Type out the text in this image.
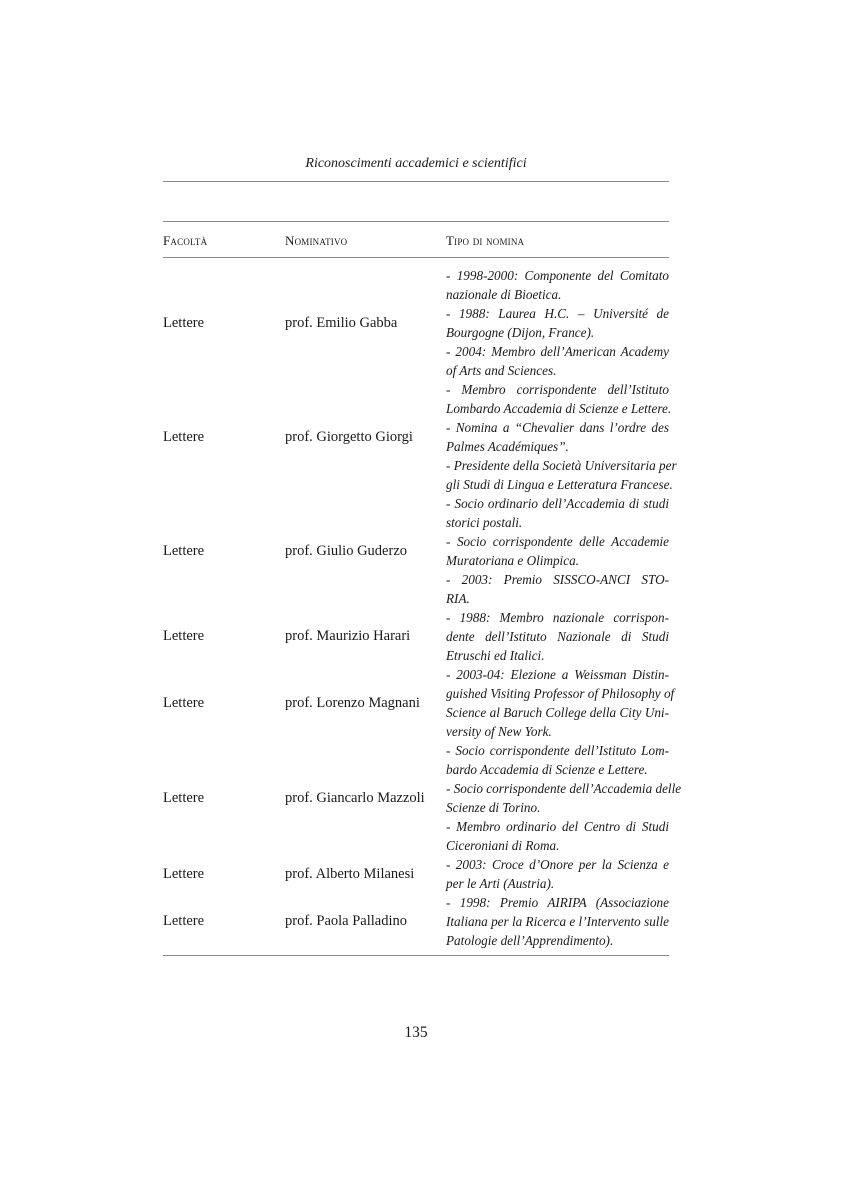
Riconoscimenti accademici e scientifici
Facoltà	Nominativo	Tipo di nomina
Lettere	prof. Emilio Gabba
- 1998-2000: Componente del Comitato
nazionale di Bioetica.
- 1988: Laurea H.C. – Université de
Bourgogne (Dijon, France).
- 2004: Membro dell’American Academy
of Arts and Sciences.
Lettere	prof. Giorgetto Giorgi
- Membro corrispondente dell’Istituto
Lombardo Accademia di Scienze e Lettere.
- Nomina a “Chevalier dans l’ordre des
Palmes Académiques”.
- Presidente della Società Universitaria per
gli Studi di Lingua e Letteratura Francese.
Lettere	prof. Giulio Guderzo
- Socio ordinario dell’Accademia di studi
storici postali.
- Socio corrispondente delle Accademie
Muratoriana e Olimpica.
- 2003: Premio SISSCO-ANCI STO-
RIA.
Lettere	prof. Maurizio Harari
- 1988: Membro nazionale corrispon-
dente dell’Istituto Nazionale di Studi
Etruschi ed Italici.
Lettere	prof. Lorenzo Magnani
- 2003-04: Elezione a Weissman Distin-
guished Visiting Professor of Philosophy of
Science al Baruch College della City Uni-
versity of New York.
Lettere	prof. Giancarlo Mazzoli
- Socio corrispondente dell’Istituto Lom-
bardo Accademia di Scienze e Lettere.
- Socio corrispondente dell’Accademia delle
Scienze di Torino.
- Membro ordinario del Centro di Studi
Ciceroniani di Roma.
Lettere	prof. Alberto Milanesi
- 2003: Croce d’Onore per la Scienza e
per le Arti (Austria).
Lettere	prof. Paola Palladino
- 1998: Premio AIRIPA (Associazione
Italiana per la Ricerca e l’Intervento sulle
Patologie dell’Apprendimento).
135
